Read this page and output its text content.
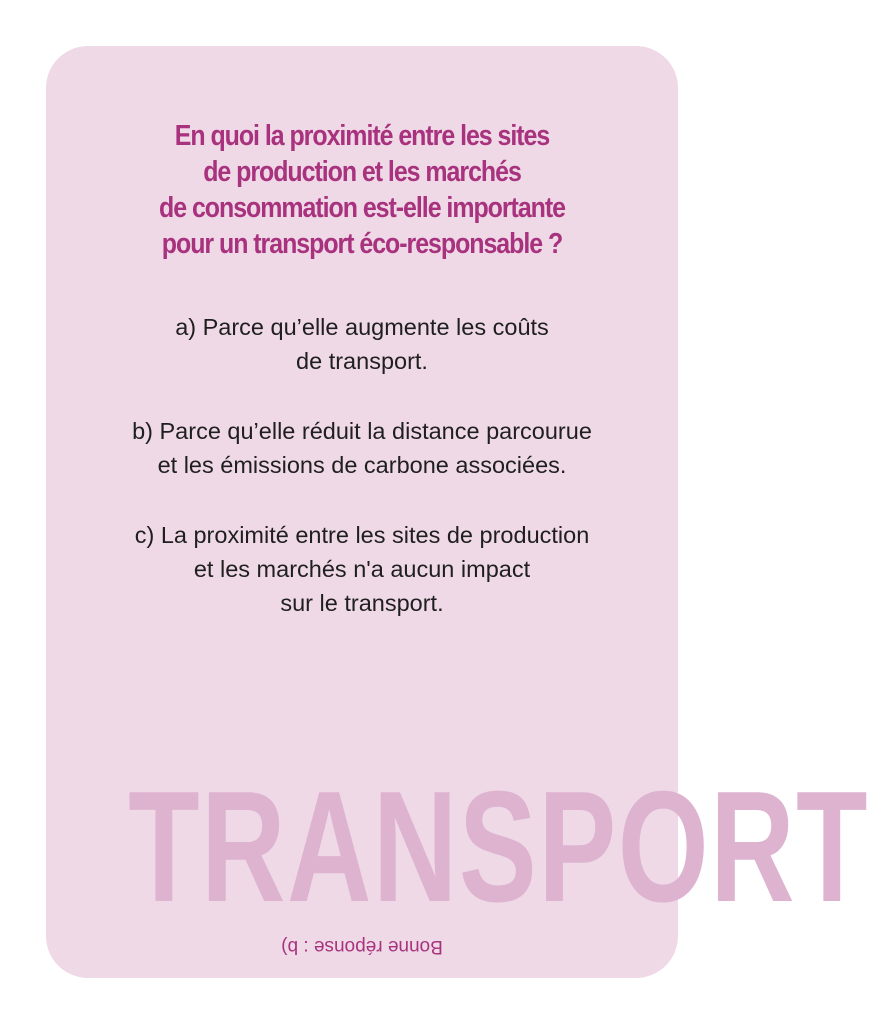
En quoi la proximité entre les sites
de production et les marchés
de consommation est-elle importante
pour un transport éco-responsable ?
a) Parce qu’elle augmente les coûts
de transport.
b) Parce qu’elle réduit la distance parcourue
et les émissions de carbone associées.
c) La proximité entre les sites de production
et les marchés n'a aucun impact
sur le transport.
TRANSPORT
Bonne réponse : b)
